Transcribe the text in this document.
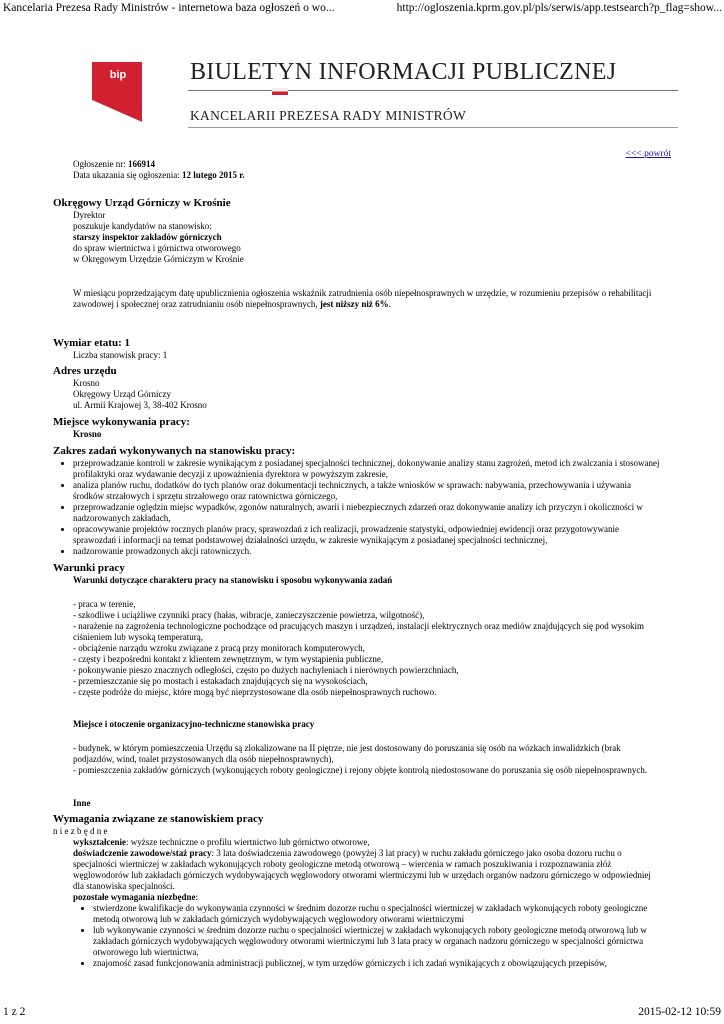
Kancelaria Prezesa Rady Ministrów - internetowa baza ogłoszeń o wo...	http://ogloszenia.kprm.gov.pl/pls/serwis/app.testsearch?p_flag=show...
1 z 2	2015-02-12 10:59
bip	BIULETYN INFORMACJI PUBLICZNEJ
KANCELARII PREZESA RADY MINISTRÓW
<<< powrót
Ogłoszenie nr: 166914
Data ukazania się ogłoszenia: 12 lutego 2015 r.
Okręgowy Urząd Górniczy w Krośnie
Dyrektor
poszukuje kandydatów na stanowisko:
starszy inspektor zakładów górniczych
do spraw wiertnictwa i górnictwa otworowego
w Okręgowym Urzędzie Górniczym w Krośnie
W miesiącu poprzedzającym datę upublicznienia ogłoszenia wskaźnik zatrudnienia osób niepełnosprawnych w urzędzie, w rozumieniu przepisów o rehabilitacji
zawodowej i społecznej oraz zatrudnianiu osób niepełnosprawnych, jest niższy niż 6%.
Wymiar etatu: 1
Liczba stanowisk pracy: 1
Adres urzędu
Krosno
Okręgowy Urząd Górniczy
ul. Armii Krajowej 3, 38-402 Krosno
Miejsce wykonywania pracy:
Krosno
Zakres zadań wykonywanych na stanowisku pracy:
• przeprowadzanie kontroli w zakresie wynikającym z posiadanej specjalności technicznej, dokonywanie analizy stanu zagrożeń, metod ich zwalczania i stosowanej
profilaktyki oraz wydawanie decyzji z upoważnienia dyrektora w powyższym zakresie,
• analiza planów ruchu, dodatków do tych planów oraz dokumentacji technicznych, a także wniosków w sprawach: nabywania, przechowywania i używania
środków strzałowych i sprzętu strzałowego oraz ratownictwa górniczego,
• przeprowadzanie oględzin miejsc wypadków, zgonów naturalnych, awarii i niebezpiecznych zdarzeń oraz dokonywanie analizy ich przyczyn i okoliczności w
nadzorowanych zakładach,
• opracowywanie projektów rocznych planów pracy, sprawozdań z ich realizacji, prowadzenie statystyki, odpowiedniej ewidencji oraz przygotowywanie
sprawozdań i informacji na temat podstawowej działalności urzędu, w zakresie wynikającym z posiadanej specjalności technicznej,
• nadzorowanie prowadzonych akcji ratowniczych.
Warunki pracy
Warunki dotyczące charakteru pracy na stanowisku i sposobu wykonywania zadań
- praca w terenie,
- szkodliwe i uciążliwe czynniki pracy (hałas, wibracje, zanieczyszczenie powietrza, wilgotność),
- narażenie na zagrożenia technologiczne pochodzące od pracujących maszyn i urządzeń, instalacji elektrycznych oraz mediów znajdujących się pod wysokim
ciśnieniem lub wysoką temperaturą,
- obciążenie narządu wzroku związane z pracą przy monitorach komputerowych,
- częsty i bezpośredni kontakt z klientem zewnętrznym, w tym wystąpienia publiczne,
- pokonywanie pieszo znacznych odległości, często po dużych nachyleniach i nierównych powierzchniach,
- przemieszczanie się po mostach i estakadach znajdujących się na wysokościach,
- częste podróże do miejsc, które mogą być nieprzystosowane dla osób niepełnosprawnych ruchowo.
Miejsce i otoczenie organizacyjno-techniczne stanowiska pracy
- budynek, w którym pomieszczenia Urzędu są zlokalizowane na II piętrze, nie jest dostosowany do poruszania się osób na wózkach inwalidzkich (brak
podjazdów, wind, toalet przystosowanych dla osób niepełnosprawnych),
- pomieszczenia zakładów górniczych (wykonujących roboty geologiczne) i rejony objęte kontrolą niedostosowane do poruszania się osób niepełnosprawnych.
Inne
Wymagania związane ze stanowiskiem pracy
n i e z b ę d n e
wykształcenie: wyższe techniczne o profilu wiertnictwo lub górnictwo otworowe,
doświadczenie zawodowe/staż pracy: 3 lata doświadczenia zawodowego (powyżej 3 lat pracy) w ruchu zakładu górniczego jako osoba dozoru ruchu o
specjalności wiertniczej w zakładach wykonujących roboty geologiczne metodą otworową – wiercenia w ramach poszukiwania i rozpoznawania złóż
węglowodorów lub zakładach górniczych wydobywających węglowodory otworami wiertniczymi lub w urzędach organów nadzoru górniczego w odpowiedniej
dla stanowiska specjalności.
pozostałe wymagania niezbędne:
• stwierdzone kwalifikacje do wykonywania czynności w średnim dozorze ruchu o specjalności wiertniczej w zakładach wykonujących roboty geologiczne
metodą otworową lub w zakładach górniczych wydobywających węglowodory otworami wiertniczymi
• lub wykonywanie czynności w średnim dozorze ruchu o specjalności wiertniczej w zakładach wykonujących roboty geologiczne metodą otworową lub w
zakładach górniczych wydobywających węglowodory otworami wiertniczymi lub 3 lata pracy w organach nadzoru górniczego w specjalności górnictwa
otworowego lub wiertnictwa,
• znajomość zasad funkcjonowania administracji publicznej, w tym urzędów górniczych i ich zadań wynikających z obowiązujących przepisów,
